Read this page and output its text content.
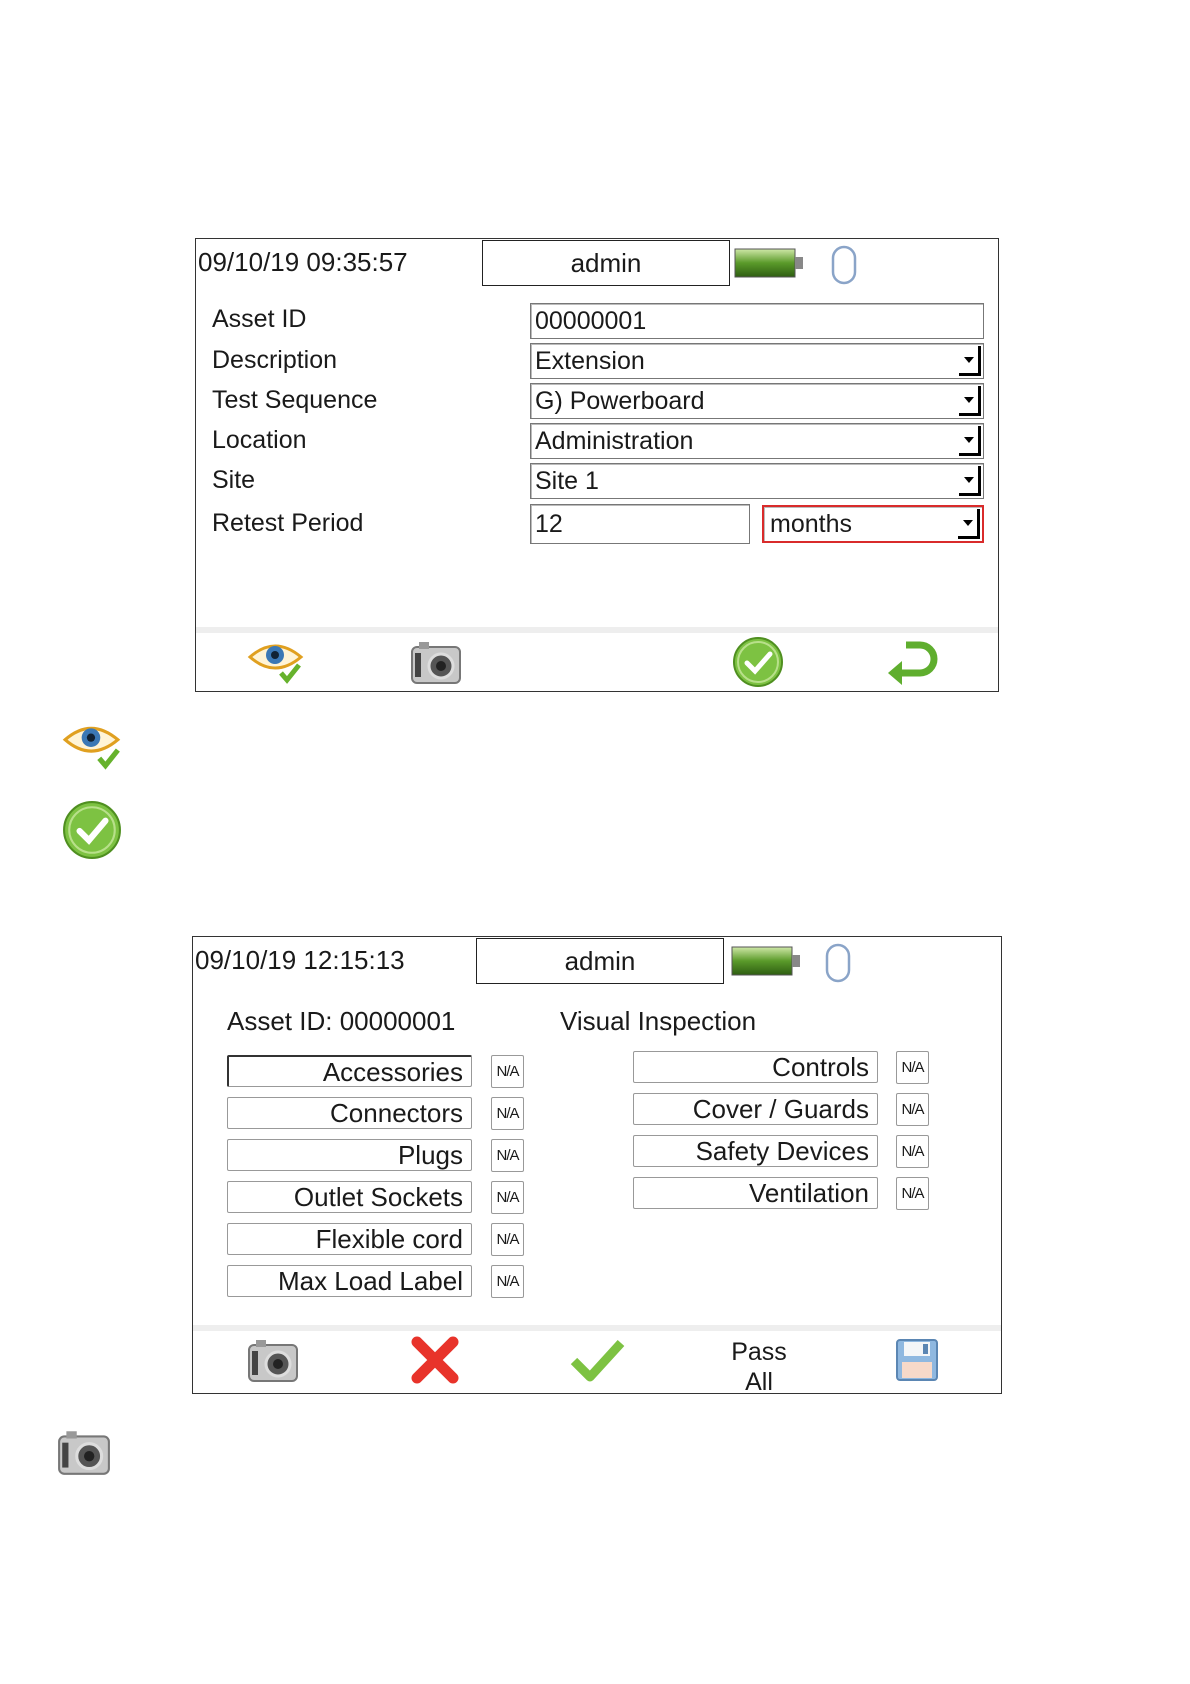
09/10/19 09:35:57	admin
Asset ID	00000001
Description	Extension
Test Sequence	G) Powerboard
Location	Administration
Site	Site 1
Retest Period	12	months
09/10/19 12:15:13	admin
Asset ID: 00000001	Visual Inspection
Accessories	N/A
Connectors	N/A
Plugs	N/A
Outlet Sockets	N/A
Flexible cord	N/A
Max Load Label	N/A
Controls	N/A
Cover / Guards	N/A
Safety Devices	N/A
Ventilation	N/A
Pass
All
